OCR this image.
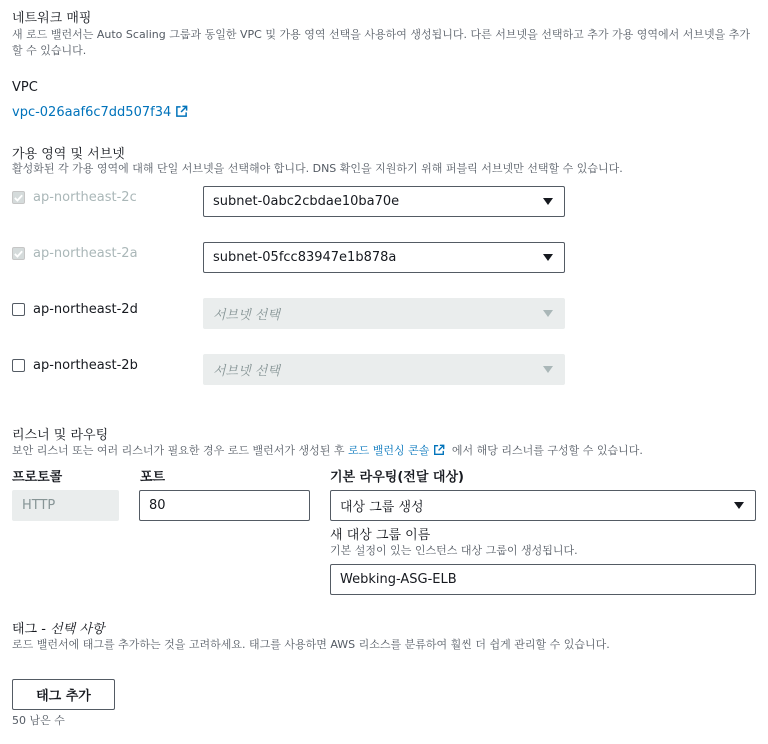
네트워크 매핑
새 로드 밸런서는 Auto Scaling 그룹과 동일한 VPC 및 가용 영역 선택을 사용하여 생성됩니다. 다른 서브넷을 선택하고 추가 가용 영역에서 서브넷을 추가할 수 있습니다.
VPC
vpc-026aaf6c7dd507f34
가용 영역 및 서브넷
활성화된 각 가용 영역에 대해 단일 서브넷을 선택해야 합니다. DNS 확인을 지원하기 위해 퍼블릭 서브넷만 선택할 수 있습니다.
ap-northeast-2c	subnet-0abc2cbdae10ba70e
ap-northeast-2a	subnet-05fcc83947e1b878a
ap-northeast-2d	서브넷 선택
ap-northeast-2b	서브넷 선택
리스너 및 라우팅
보안 리스너 또는 여러 리스너가 필요한 경우 로드 밸런서가 생성된 후 로드 밸런싱 콘솔 에서 해당 리스너를 구성할 수 있습니다.
프로토콜	포트	기본 라우팅(전달 대상)
HTTP	80	대상 그룹 생성
새 대상 그룹 이름
기본 설정이 있는 인스턴스 대상 그룹이 생성됩니다.
Webking-ASG-ELB
태그 - 선택 사항
로드 밸런서에 태그를 추가하는 것을 고려하세요. 태그를 사용하면 AWS 리소스를 분류하여 훨씬 더 쉽게 관리할 수 있습니다.
태그 추가
50 남은 수
